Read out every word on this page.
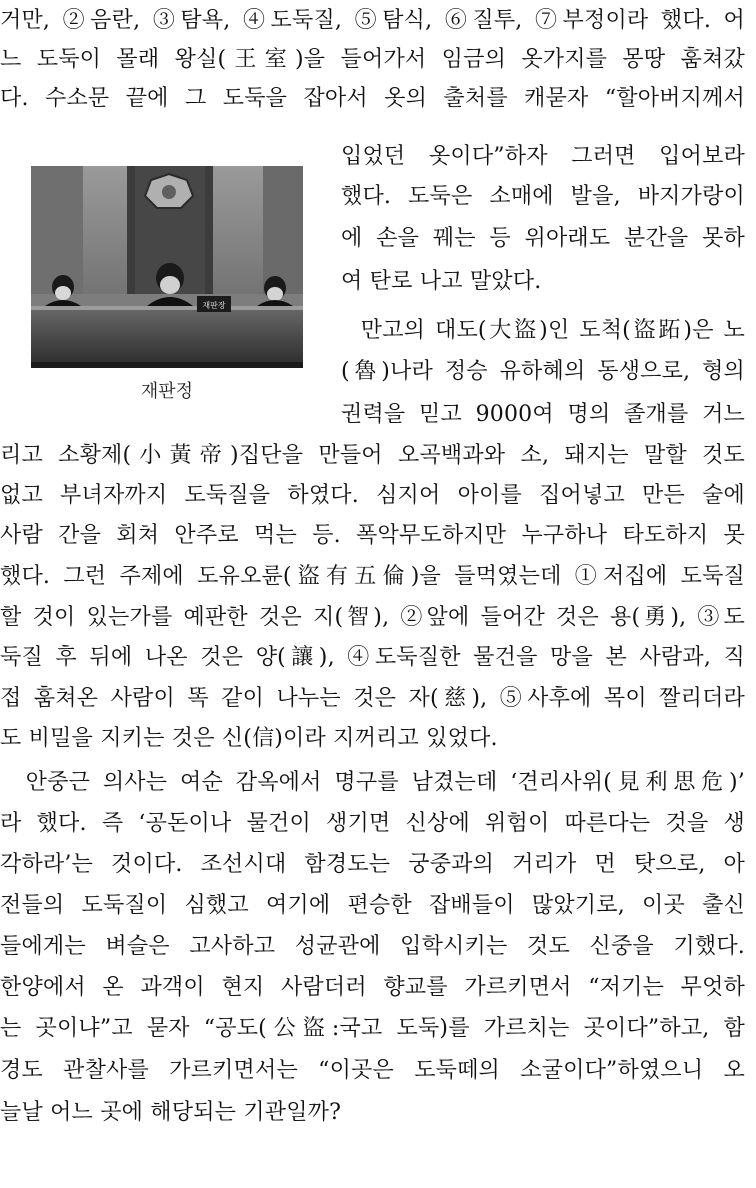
거만, ②음란, ③탐욕, ④도둑질, ⑤탐식, ⑥질투, ⑦부정이라 했다. 어
느 도둑이 몰래 왕실(王室)을 들어가서 임금의 옷가지를 몽땅 훔쳐갔
다. 수소문 끝에 그 도둑을 잡아서 옷의 출처를 캐묻자 “할아버지께서
재판장
재판정
입었던 옷이다”하자 그러면 입어보라
했다. 도둑은 소매에 발을, 바지가랑이
에 손을 꿰는 등 위아래도 분간을 못하
여 탄로 나고 말았다.
만고의 대도(大盜)인 도척(盜跖)은 노
(魯)나라 정승 유하혜의 동생으로, 형의
권력을 믿고 9000여 명의 졸개를 거느
리고 소황제(小黃帝)집단을 만들어 오곡백과와 소, 돼지는 말할 것도
없고 부녀자까지 도둑질을 하였다. 심지어 아이를 집어넣고 만든 술에
사람 간을 회쳐 안주로 먹는 등. 폭악무도하지만 누구하나 타도하지 못
했다. 그런 주제에 도유오륜(盜有五倫)을 들먹였는데 ①저집에 도둑질
할 것이 있는가를 예판한 것은 지(智), ②앞에 들어간 것은 용(勇), ③도
둑질 후 뒤에 나온 것은 양(讓), ④도둑질한 물건을 망을 본 사람과, 직
접 훔쳐온 사람이 똑 같이 나누는 것은 자(慈), ⑤사후에 목이 짤리더라
도 비밀을 지키는 것은 신(信)이라 지꺼리고 있었다.
안중근 의사는 여순 감옥에서 명구를 남겼는데 ‘견리사위(見利思危)’
라 했다. 즉 ‘공돈이나 물건이 생기면 신상에 위험이 따른다는 것을 생
각하라’는 것이다. 조선시대 함경도는 궁중과의 거리가 먼 탓으로, 아
전들의 도둑질이 심했고 여기에 편승한 잡배들이 많았기로, 이곳 출신
들에게는 벼슬은 고사하고 성균관에 입학시키는 것도 신중을 기했다.
한양에서 온 과객이 현지 사람더러 향교를 가르키면서 “저기는 무엇하
는 곳이냐”고 묻자 “공도(公盜:국고 도둑)를 가르치는 곳이다”하고, 함
경도 관찰사를 가르키면서는 “이곳은 도둑떼의 소굴이다”하였으니 오
늘날 어느 곳에 해당되는 기관일까?
